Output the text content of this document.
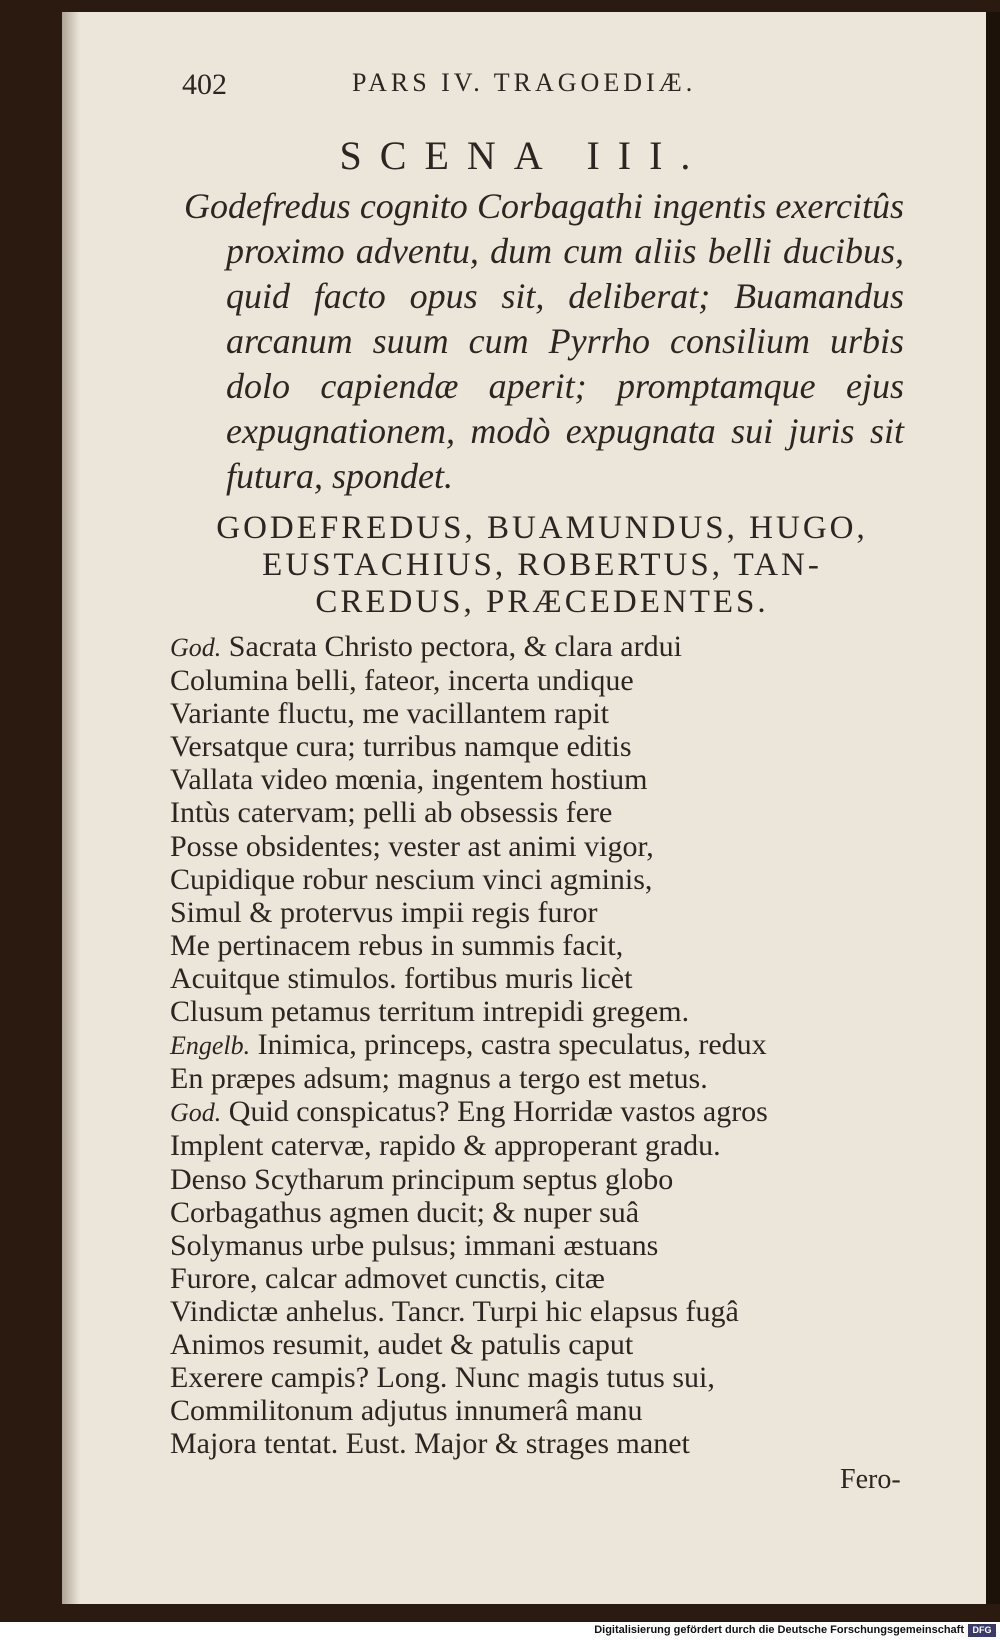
402	PARS IV. TRAGOEDIÆ.
SCENA III.

Godefredus cognito Corbagathi ingentis exercitûs proximo adventu, dum cum aliis belli ducibus, quid facto opus sit, deliberat; Buamandus arcanum suum cum Pyrrho consilium urbis dolo capiendæ aperit; promptamque ejus expugnationem, modò expugnata sui juris sit futura, spondet.

GODEFREDUS, BUAMUNDUS, HUGO,
EUSTACHIUS, ROBERTUS, TAN-
CREDUS, PRÆCEDENTES.
God. Sacrata Christo pectora, & clara ardui
Columina belli, fateor, incerta undique
Variante fluctu, me vacillantem rapit
Versatque cura; turribus namque editis
Vallata video mœnia, ingentem hostium
Intùs catervam; pelli ab obsessis fere
Posse obsidentes; vester ast animi vigor,
Cupidique robur nescium vinci agminis,
Simul & protervus impii regis furor
Me pertinacem rebus in summis facit,
Acuitque stimulos. fortibus muris licèt
Clusum petamus territum intrepidi gregem.
Engelb. Inimica, princeps, castra speculatus, redux
En præpes adsum; magnus a tergo est metus.
God. Quid conspicatus? Eng Horridæ vastos agros
Implent catervæ, rapido & approperant gradu.
Denso Scytharum principum septus globo
Corbagathus agmen ducit; & nuper suâ
Solymanus urbe pulsus; immani æstuans
Furore, calcar admovet cunctis, citæ
Vindictæ anhelus. Tancr. Turpi hic elapsus fugâ
Animos resumit, audet & patulis caput
Exerere campis? Long. Nunc magis tutus sui,
Commilitonum adjutus innumerâ manu
Majora tentat. Eust. Major & strages manet
Fero-
Digitalisierung gefördert durch die Deutsche Forschungsgemeinschaft DFG
